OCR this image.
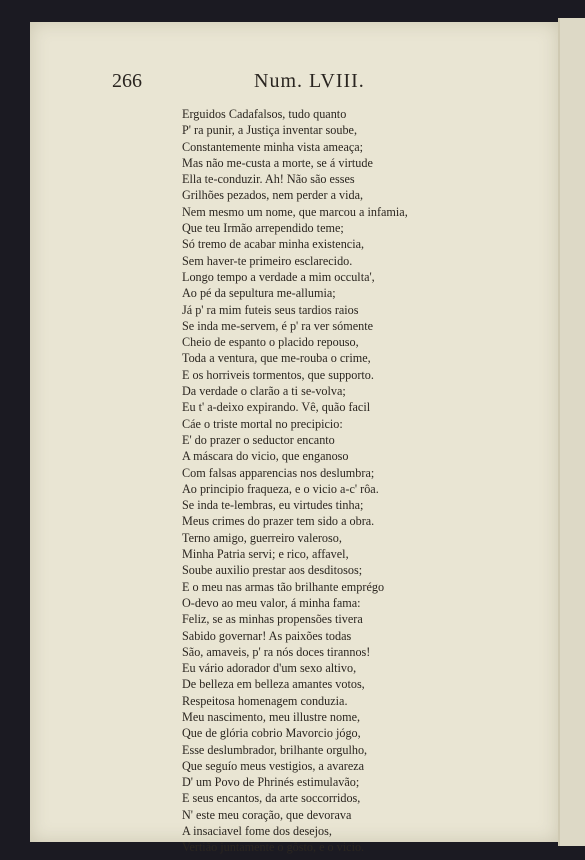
266	Num. LVIII.
Erguidos Cadafalsos, tudo quanto
P' ra punir, a Justiça inventar soube,
Constantemente minha vista ameaça;
Mas não me-custa a morte, se á virtude
Ella te-conduzir. Ah! Não são esses
Grilhões pezados, nem perder a vida,
Nem mesmo um nome, que marcou a infamia,
Que teu Irmão arrependido teme;
Só tremo de acabar minha existencia,
Sem haver-te primeiro esclarecido.
Longo tempo a verdade a mim occulta',
Ao pé da sepultura me-allumia;
Já p' ra mim futeis seus tardios raios
Se inda me-servem, é p' ra ver sómente
Cheio de espanto o placido repouso,
Toda a ventura, que me-rouba o crime,
E os horriveis tormentos, que supporto.
Da verdade o clarão a ti se-volva;
Eu t' a-deixo expirando. Vê, quão facil
Cáe o triste mortal no precipicio:
E' do prazer o seductor encanto
A máscara do vicio, que enganoso
Com falsas apparencias nos deslumbra;
Ao principio fraqueza, e o vicio a-c' rôa.
Se inda te-lembras, eu virtudes tinha;
Meus crimes do prazer tem sido a obra.
Terno amigo, guerreiro valeroso,
Minha Patria servi; e rico, affavel,
Soube auxilio prestar aos desditosos;
E o meu nas armas tão brilhante emprégo
O-devo ao meu valor, á minha fama:
Feliz, se as minhas propensões tivera
Sabido governar! As paixões todas
São, amaveis, p' ra nós doces tirannos!
Eu vário adorador d'um sexo altivo,
De belleza em belleza amantes votos,
Respeitosa homenagem conduzia.
Meu nascimento, meu illustre nome,
Que de glória cobrio Mavorcio jógo,
Esse deslumbrador, brilhante orgulho,
Que seguío meus vestigios, a avareza
D' um Povo de Phrinés estimulavão;
E seus encantos, da arte soccorridos,
N' este meu coração, que devorava
A insaciavel fome dos desejos,
Vertião juntamente o gôsto, e o vicio.
